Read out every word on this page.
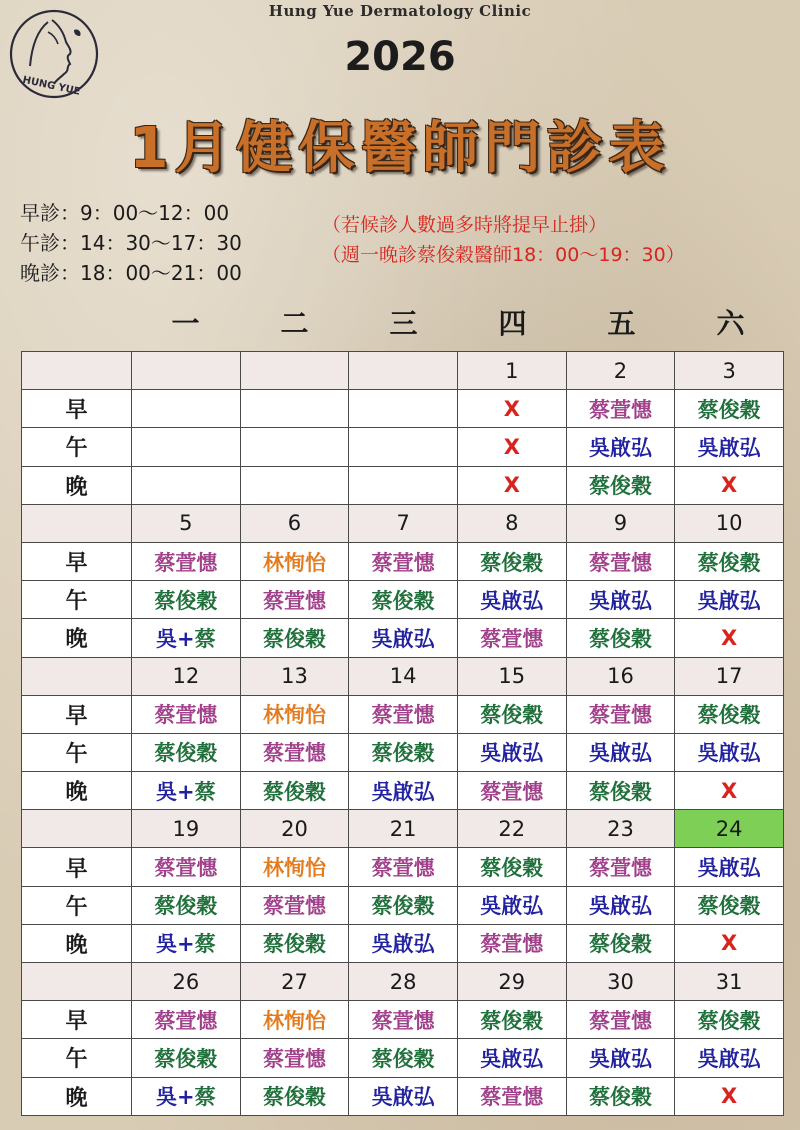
HUNG YUE
Hung Yue Dermatology Clinic
2026
1月健保醫師門診表
早診：9：00～12：00
午診：14：30～17：30
晚診：18：00～21：00
（若候診人數過多時將提早止掛）
（週一晚診蔡俊穀醫師18：00～19：30）
一	二	三	四	五	六
				1	2	3
早				X	蔡萱憓	蔡俊穀
午				X	吳啟弘	吳啟弘
晚				X	蔡俊穀	X
	5	6	7	8	9	10
早	蔡萱憓	林恂怡	蔡萱憓	蔡俊穀	蔡萱憓	蔡俊穀
午	蔡俊穀	蔡萱憓	蔡俊穀	吳啟弘	吳啟弘	吳啟弘
晚	吳+蔡	蔡俊穀	吳啟弘	蔡萱憓	蔡俊穀	X
	12	13	14	15	16	17
早	蔡萱憓	林恂怡	蔡萱憓	蔡俊穀	蔡萱憓	蔡俊穀
午	蔡俊穀	蔡萱憓	蔡俊穀	吳啟弘	吳啟弘	吳啟弘
晚	吳+蔡	蔡俊穀	吳啟弘	蔡萱憓	蔡俊穀	X
	19	20	21	22	23	24
早	蔡萱憓	林恂怡	蔡萱憓	蔡俊穀	蔡萱憓	吳啟弘
午	蔡俊穀	蔡萱憓	蔡俊穀	吳啟弘	吳啟弘	蔡俊穀
晚	吳+蔡	蔡俊穀	吳啟弘	蔡萱憓	蔡俊穀	X
	26	27	28	29	30	31
早	蔡萱憓	林恂怡	蔡萱憓	蔡俊穀	蔡萱憓	蔡俊穀
午	蔡俊穀	蔡萱憓	蔡俊穀	吳啟弘	吳啟弘	吳啟弘
晚	吳+蔡	蔡俊穀	吳啟弘	蔡萱憓	蔡俊穀	X
